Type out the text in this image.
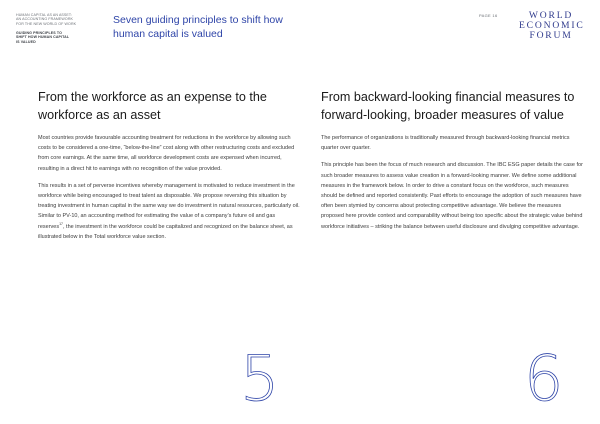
HUMAN CAPITAL AS AN ASSET:
AN ACCOUNTING FRAMEWORK
FOR THE NEW WORLD OF WORK
GUIDING PRINCIPLES TO
SHIFT HOW HUMAN CAPITAL
IS VALUED
Seven guiding principles to shift how
human capital is valued
PAGE 16	WORLD
ECONOMIC
FORUM
From the workforce as an expense to the
workforce as an asset
From backward-looking financial measures to
forward-looking, broader measures of value

Most countries provide favourable accounting treatment for reductions in the workforce by allowing such costs to be considered a one-time, “below-the-line” cost along with other restructuring costs and excluded from core earnings. At the same time, all workforce development costs are expensed when incurred, resulting in a direct hit to earnings with no recognition of the value provided.

This results in a set of perverse incentives whereby management is motivated to reduce investment in the workforce while being encouraged to treat talent as disposable. We propose reversing this situation by treating investment in human capital in the same way we do investment in natural resources, particularly oil. Similar to PV-10, an accounting method for estimating the value of a company’s future oil and gas reserves$^{17}$, the investment in the workforce could be capitalized and recognized on the balance sheet, as illustrated below in the Total workforce value section.

The performance of organizations is traditionally measured through backward-looking financial metrics quarter over quarter.

This principle has been the focus of much research and discussion. The IBC ESG paper details the case for such broader measures to assess value creation in a forward-looking manner. We define some additional measures in the framework below. In order to drive a constant focus on the workforce, such measures should be defined and reported consistently. Past efforts to encourage the adoption of such measures have often been stymied by concerns about protecting competitive advantage. We believe the measures proposed here provide context and comparability without being too specific about the strategic value behind workforce initiatives – striking the balance between useful disclosure and divulging competitive advantage.

5	6
